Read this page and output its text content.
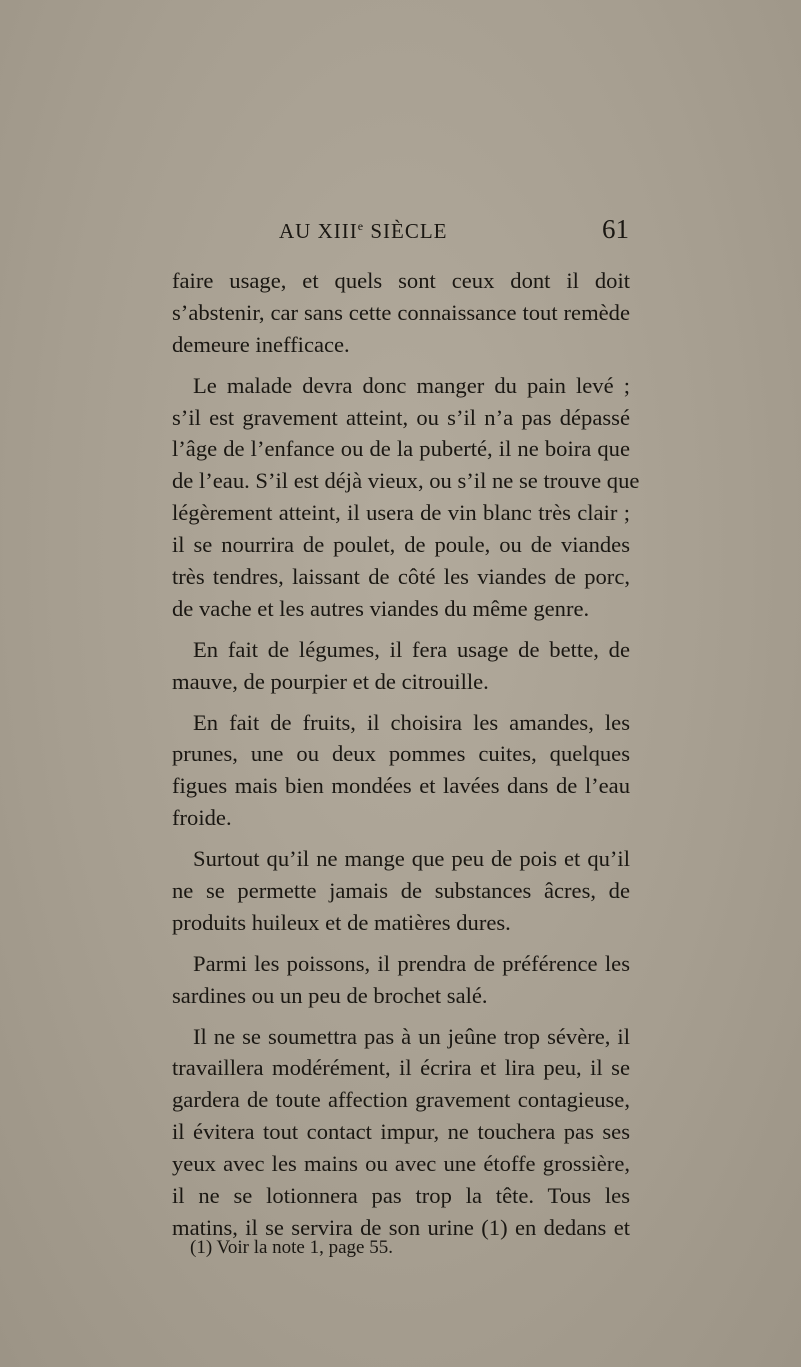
AU XIIIe SIÈCLE	61
faire usage, et quels sont ceux dont il doit
s’abstenir, car sans cette connaissance tout remède
demeure inefficace.
Le malade devra donc manger du pain levé ;
s’il est gravement atteint, ou s’il n’a pas dépassé
l’âge de l’enfance ou de la puberté, il ne boira que
de l’eau. S’il est déjà vieux, ou s’il ne se trouve que
légèrement atteint, il usera de vin blanc très clair ;
il se nourrira de poulet, de poule, ou de viandes
très tendres, laissant de côté les viandes de porc,
de vache et les autres viandes du même genre.
En fait de légumes, il fera usage de bette, de
mauve, de pourpier et de citrouille.
En fait de fruits, il choisira les amandes, les
prunes, une ou deux pommes cuites, quelques
figues mais bien mondées et lavées dans de l’eau
froide.
Surtout qu’il ne mange que peu de pois et qu’il
ne se permette jamais de substances âcres, de
produits huileux et de matières dures.
Parmi les poissons, il prendra de préférence les
sardines ou un peu de brochet salé.
Il ne se soumettra pas à un jeûne trop sévère, il
travaillera modérément, il écrira et lira peu, il se
gardera de toute affection gravement contagieuse,
il évitera tout contact impur, ne touchera pas ses
yeux avec les mains ou avec une étoffe grossière,
il ne se lotionnera pas trop la tête. Tous les
matins, il se servira de son urine (1) en dedans et
(1) Voir la note 1, page 55.
